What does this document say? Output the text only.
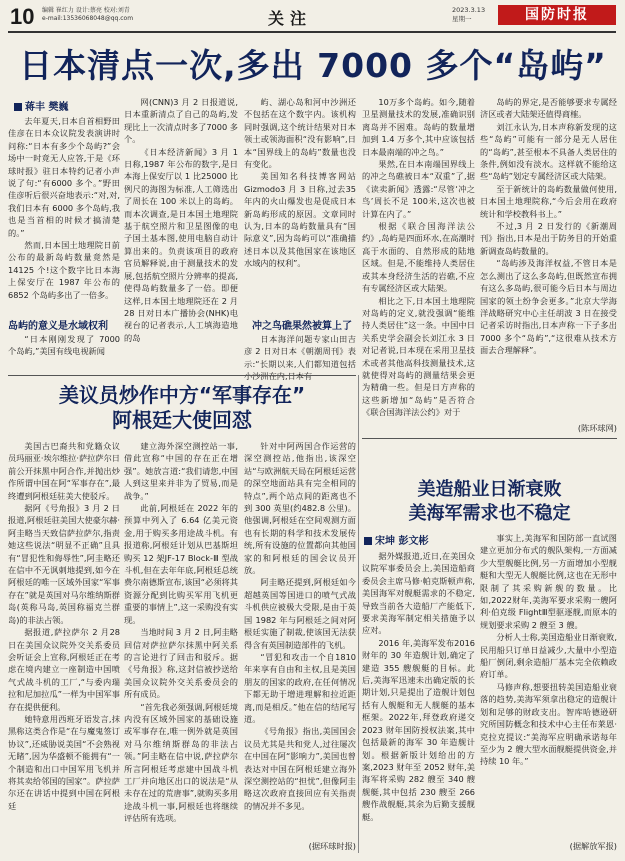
10 编辑 崔红力 设计:蔡亮 校对:刘青
e-mail:13536068048@qq.com	关注	2023.3.13
星期一	国防时报
日本清点一次,多出 7000 多个“岛屿”
蒋丰 樊巍

去年夏天,日本自首相野田佳彦在日本众议院发表演讲时问称:“日本有多少个岛屿?”会场中一时竟无人应答,于是《环球时报》驻日本特约记者小声说了句:“有6000 多个。”野田佳彦听后很兴奋地表示:“对,对,我们日本有 6000 多个岛屿,我也是当首相的时候才搞清楚的。”

然而,日本国土地理院日前公布的最新岛屿数量竟然是14125 个!这个数字比日本海上保安厅在 1987 年公布的6852 个岛屿多出了一倍多。

岛屿的意义是水域权利

“日本刚刚发现了 7000 个岛屿,”美国有线电视新闻

网(CNN)3 月 2 日报道说,日本重新清点了自己的岛屿,发现比上一次清点时多了7000 多个。

《日本经济新闻》3 月 1 日称,1987 年公布的数字,是日本海上保安厅以 1 比25000 比例尺的海图为标准,人工筛选出了周长在 100 米以上的岛屿。而本次调查,是日本国土地理院基于航空照片和卫星图像的电子国土基本图,使用电脑自动计算出来的。负责该项目的政府官员解释说,由于测量技术的发展,包括航空照片分辨率的提高,使得岛屿数量多了一倍。即便这样,日本国土地理院还在 2 月 28 日对日本广播协会(NHK)电视台的记者表示,人工填海造地的岛

屿、湖心岛和河中沙洲还不包括在这个数字内。该机构同时强调,这个统计结果对日本领土或领海面积“没有影响”,日本“国界线上的岛屿”数量也没有变化。

美国知名科技博客网站Gizmodo3 月 3 日称,过去35年内的火山爆发也是促成日本新岛屿形成的原因。文章同时认为,日本的岛屿数量具有“国际意义”,因为岛屿可以“准确描述日本以及其他国家在该地区水域内的权利”。

冲之鸟礁果然被算上了

日本海洋问题专家山田吉彦 2 日对日本《朝潮周刊》表示:“长期以来,人们都知道包括小沙洲在内,日本有

10万多个岛屿。如今,随着卫星测量技术的发展,准确识别离岛并不困难。岛屿的数量增加到 1.4 万多个,其中应该包括日本最南端的冲之鸟。”

果然,在日本南端国界线上的冲之鸟礁被日本“双重”了,据《读卖新闻》透露:“尽管‘冲之鸟’周长不足 100米,这次也被计算在内了。”

根据《联合国海洋法公约》,岛屿是四面环水,在高潮时高于水面的、自然形成的陆地区域。但是,不能维持人类居住或其本身经济生活的岩礁,不应有专属经济区或大陆架。

相比之下,日本国土地理院对岛屿的定义,就没强调“能维持人类居住”这一条。中国中日关系史学会副会长刘江永 3 日对记者说,日本现在采用卫星技术或者其他高科技测量技术,这就使得对岛屿的测量结果会更为精确一些。但是日方声称的这些新增加“岛屿”是否符合《联合国海洋法公约》对于

岛屿的界定,是否能够要求专属经济区或者大陆架还值得商榷。

刘江永认为,日本声称新发现的这些“岛屿”可能有一部分是无人居住的“岛屿”,甚至根本不具备人类居住的条件,例如没有淡水。这样就不能给这些“岛屿”划定专属经济区或大陆架。

至于新统计的岛屿数量做何使用,日本国土地理院称,“今后会用在政府统计和学校教科书上。”

不过,3 月 2 日发行的《新潮周刊》指出,日本是出于防务目的开始重新调查岛屿数量的。

“岛屿涉及海洋权益,不管日本是怎么测出了这么多岛屿,但既然宣布拥有这么多岛屿,很可能今后日本与周边国家的领土纷争会更多。”北京大学海洋战略研究中心主任胡波 3 日在接受记者采访时指出,日本声称一下子多出 7000 多个“岛屿”,“这很难从技术方面去合理解释”。

(陈环球网)
美议员炒作中方“军事存在”
阿根廷大使回怼

美国古巴裔共和党籍众议员玛丽亚·埃尔维拉·萨拉萨尔日前公开抹黑中阿合作,并抛出炒作所谓中国在阿“军事存在”,最终遭到阿根廷驻美大使驳斥。

据阿《号角报》3 月 2 日报道,阿根廷驻美国大使豪尔赫·阿圭略当天致信萨拉萨尔,指责她这些说法“明显不正确”且具有“冒犯性和侮辱性”,阿圭略还在信中不无讽刺地提到,如今在阿根廷的唯一区域外国家“军事存在”就是英国对马尔维纳斯群岛(英称马岛,英国称福克兰群岛)的非法占领。

据报道,萨拉萨尔 2 月28 日在美国众议院外交关系委员会听证会上宣称,阿根廷正在考虑在境内建立一座制造中国喷气式战斗机的工厂,“与委内瑞拉和尼加拉瓜”一样为中国军事存在提供便利。

她特意用西班牙语发言,抹黑称这类合作是“在与魔鬼签订协议”,还威胁说美国“不会熟视无睹”,因为华盛顿不能拥有“一个制造和出口中国军用飞机并将其卖给邻国的国家”。萨拉萨尔还在讲话中提到中国在阿根廷

建立海外深空测控站一事,借此宣称“中国的存在正在增强”。她放言道:“我们请您,中国人到这里来并非为了贸易,而是战争。”

此前,阿根廷在 2022 年的预算中列入了 6.64 亿美元资金,用于购买多用途战斗机。有报道称,阿根廷计划从巴基斯坦购买 12 架JF-17 Block-Ⅲ 型战斗机,但在去年年底,阿根廷总统费尔南德斯宣布,该国“必须将其资源分配到比购买军用飞机更重要的事情上”,这一采购没有实现。

当地时间 3 月 2 日,阿圭略回信对萨拉萨尔抹黑中阿关系的言论进行了回击和驳斥。据《号角报》称,这封信被抄送给美国众议院外交关系委员会的所有成员。

“首先我必须强调,阿根廷境内没有区域外国家的基础设施或军事存在,唯一例外就是英国对马尔维纳斯群岛的非法占领。”阿圭略在信中说,萨拉萨尔所言阿根廷考虑建中国战斗机工厂并向地区出口的说法是“从未存在过的荒唐事”,就购买多用途战斗机一事,阿根廷也将继续评估所有选项。

针对中阿两国合作运营的深空测控站,他指出,该深空站“与欧洲航天局在阿根廷运营的深空地面站具有完全相同的特点”,两个站点间的距离也不到 300 英里(约482.8 公里)。他强调,阿根廷在空间观测方面也有长期的科学和技术发展传统,所有设施的位置都向其他国家的和阿根廷的国会议员开放。

阿圭略还提到,阿根廷如今超越英国等国进口的喷气式战斗机供应被极大受限,是由于英国 1982 年与阿根廷之间对阿根廷实施了制裁,使该国无法获得含有英国制造部件的飞机。

“冒犯和攻击一个自1810 年来享有自由和主权,且是美国朋友的国家的政府,在任何情况下都无助于增进理解和拉近距离,而是相反。”他在信的结尾写道。

《号角报》指出,美国国会议员尤其是共和党人,过往屡次在中国在阿“影响力”,美国也曾表达对中国在阿根廷建立海外深空测控站的“担忧”,但像阿圭略这次政府直接回应有关指责的情况并不多见。

(据环球时报)
美造船业日渐衰败
美海军需求也不稳定
宋坤 彭文彬

据外媒报道,近日,在美国众议院军事委员会上,美国造船商委员会主席马修·帕克斯顿声称,美国海军对舰艇需求的不稳定,导致当前各大造船厂产能低下,要求美海军制定相关措施予以应对。

2016 年,美海军发布2016 财年的 30 年造舰计划,确定了建造 355 艘舰艇的目标。此后,美海军迅速未出确定版的长期计划,只是提出了造舰计划包括有人舰艇和无人舰艇的基本框架。2022年,拜登政府递交 2023 财年国防授权法案,其中包括最新的海军 30 年造舰计划。根据新版计划给出的方案,2023 财年至 2052 财年,美海军将采购 282 艘至 340 艘舰艇,其中包括 230 艘至 266艘作战舰艇,其余为后勤支援舰艇。

事实上,美海军和国防部一直试图建立更加分布式的舰队架构,一方面减少大型舰艇比例,另一方面增加小型舰艇和大型无人舰艇比例,这也在无形中限制了其采购新舰的数量。比如,2022财年,美海军要求采购一艘阿利·伯克级 FlightⅢ型驱逐舰,而原本的规划要求采购 2 艘至 3 艘。

分析人士称,美国造船业日渐衰败,民用船只订单日益减少,大量中小型造船厂倒闭,剩余造船厂基本完全依赖政府订单。

马修声称,想要扭转美国造船业衰落的趋势,美海军须拿出稳定的造舰计划和足够的财政支出。智库哈德逊研究所国防概念和技术中心主任布莱恩·克拉克提议:“美海军应明确承诺每年至少为 2 艘大型水面舰艇提供资金,并持续 10 年。”

(据解放军报)
